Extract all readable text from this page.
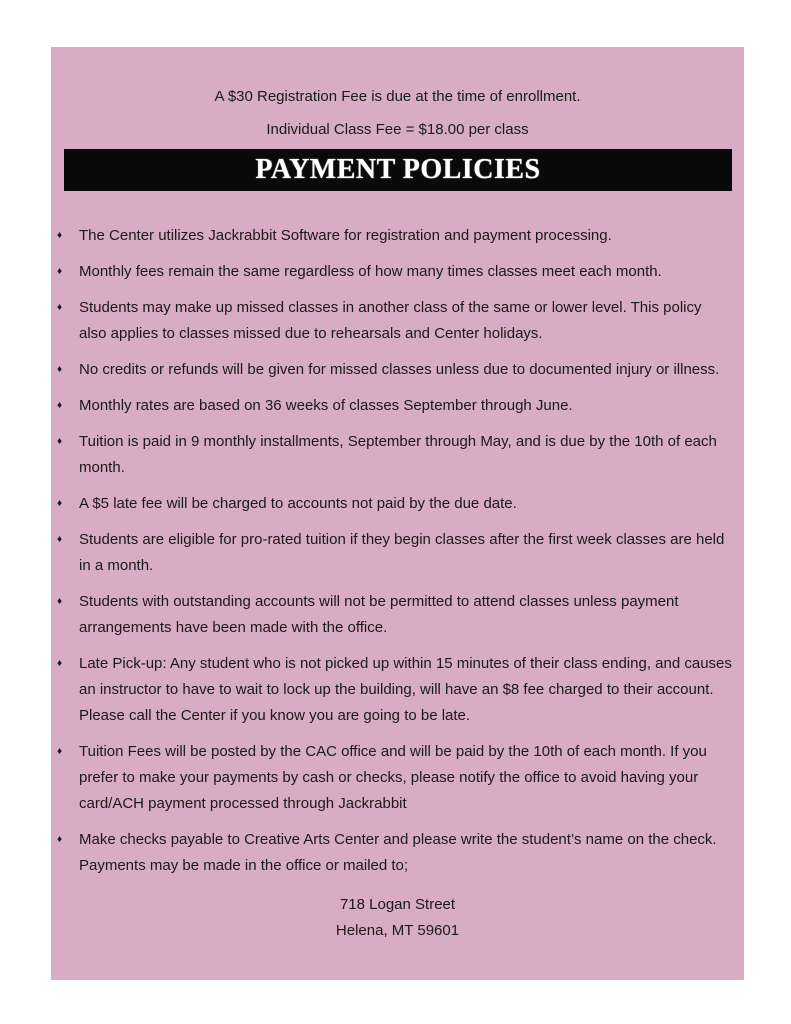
A $30 Registration Fee is due at the time of enrollment.
Individual Class Fee = $18.00 per class
PAYMENT POLICIES
♦ The Center utilizes Jackrabbit Software for registration and payment processing.
♦ Monthly fees remain the same regardless of how many times classes meet each month.
♦ Students may make up missed classes in another class of the same or lower level. This policy also applies to classes missed due to rehearsals and Center holidays.
♦ No credits or refunds will be given for missed classes unless due to documented injury or illness.
♦ Monthly rates are based on 36 weeks of classes September through June.
♦ Tuition is paid in 9 monthly installments, September through May, and is due by the 10th of each month.
♦ A $5 late fee will be charged to accounts not paid by the due date.
♦ Students are eligible for pro-rated tuition if they begin classes after the first week classes are held in a month.
♦ Students with outstanding accounts will not be permitted to attend classes unless payment arrangements have been made with the office.
♦ Late Pick-up: Any student who is not picked up within 15 minutes of their class ending, and causes an instructor to have to wait to lock up the building, will have an $8 fee charged to their account. Please call the Center if you know you are going to be late.
♦ Tuition Fees will be posted by the CAC office and will be paid by the 10th of each month. If you prefer to make your payments by cash or checks, please notify the office to avoid having your card/ACH payment processed through Jackrabbit
♦ Make checks payable to Creative Arts Center and please write the student’s name on the check. Payments may be made in the office or mailed to;
718 Logan Street
Helena, MT 59601
